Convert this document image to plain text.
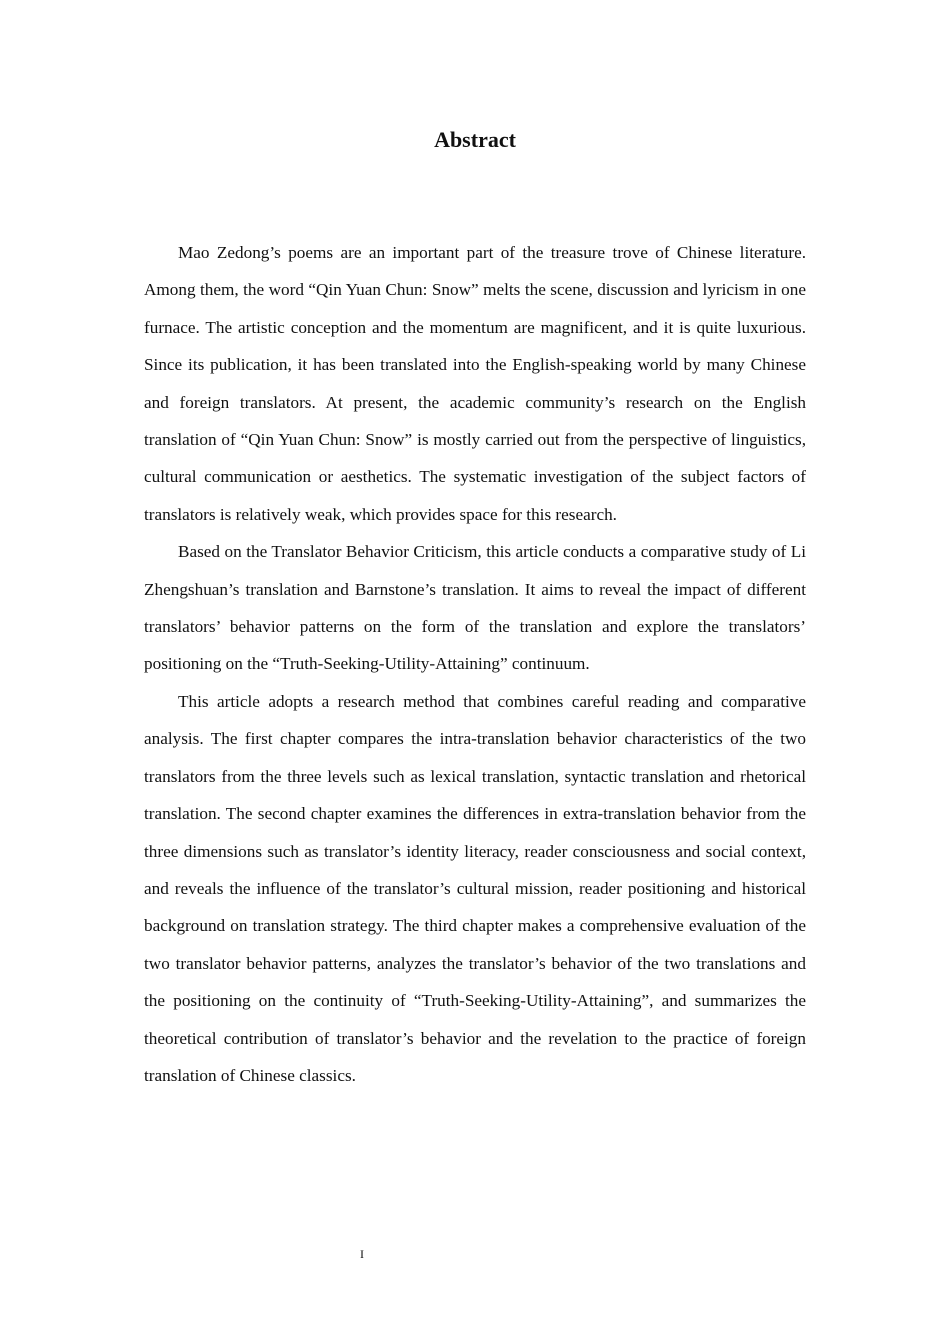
Abstract

Mao Zedong’s poems are an important part of the treasure trove of Chinese literature. Among them, the word “Qin Yuan Chun: Snow” melts the scene, discussion and lyricism in one furnace. The artistic conception and the momentum are magnificent, and it is quite luxurious. Since its publication, it has been translated into the English-speaking world by many Chinese and foreign translators. At present, the academic community’s research on the English translation of “Qin Yuan Chun: Snow” is mostly carried out from the perspective of linguistics, cultural communication or aesthetics. The systematic investigation of the subject factors of translators is relatively weak, which provides space for this research.

Based on the Translator Behavior Criticism, this article conducts a comparative study of Li Zhengshuan’s translation and Barnstone’s translation. It aims to reveal the impact of different translators’ behavior patterns on the form of the translation and explore the translators’ positioning on the “Truth-Seeking-Utility-Attaining” continuum.

This article adopts a research method that combines careful reading and comparative analysis. The first chapter compares the intra-translation behavior characteristics of the two translators from the three levels such as lexical translation, syntactic translation and rhetorical translation. The second chapter examines the differences in extra-translation behavior from the three dimensions such as translator’s identity literacy, reader consciousness and social context, and reveals the influence of the translator’s cultural mission, reader positioning and historical background on translation strategy. The third chapter makes a comprehensive evaluation of the two translator behavior patterns, analyzes the translator’s behavior of the two translations and the positioning on the continuity of “Truth-Seeking-Utility-Attaining”, and summarizes the theoretical contribution of translator’s behavior and the revelation to the practice of foreign translation of Chinese classics.

I
